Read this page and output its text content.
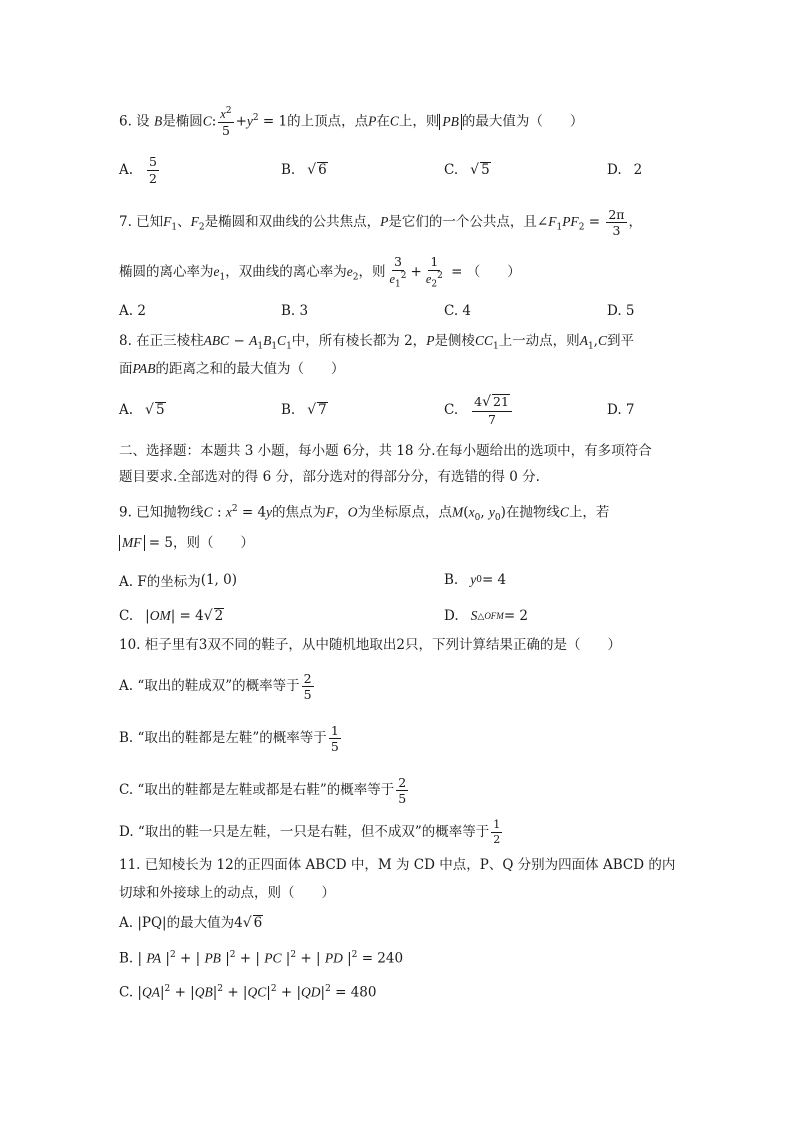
6. 设 B是椭圆C: $\frac{x^2}{5} +y^2 = 1$的上顶点，点P在C上，则 PB 的最大值为（　　）
A. $\frac{5}{2}$	B. √ 6	C. √ 5	D. 2
7. 已知$F_1$、$F_2$是椭圆和双曲线的公共焦点，P是它们的一个公共点，且$\angle F_1PF_2 = \frac{2\pi}{3}$ ，
椭圆的离心率为$e_1$，双曲线的离心率为$e_2$，则 $\frac{3}{e_1^2} + \frac{1}{e_2^2}$ = （　　）
A. 2	B. 3	C. 4	D. 5
8. 在正三棱柱ABC − $A_1B_1C_1$中，所有棱长都为 2，P是侧棱$CC_1$上一动点，则$A_1,C$到平
面PAB的距离之和的最大值为（　　）
A. √ 5	B. √ 7	C. $\frac{4√ 21}{7}$	D. 7
二、选择题：本题共 3 小题，每小题 6分，共 18 分.在每小题给出的选项中，有多项符合
题目要求.全部选对的得 6 分，部分选对的得部分分，有选错的得 0 分.
9. 已知抛物线C : $x^2 = 4y$的焦点为F，O为坐标原点，点$M(x_0$, $y_0$)在抛物线C上，若
MF = 5，则（　　）
A. F的坐标为 (1, 0)	B. y 0 = 4
C. | OM | = 4 √ 2	D. S △OFM = 2
10. 柜子里有3双不同的鞋子，从中随机地取出2只，下列计算结果正确的是（　　）
A. “取出的鞋成双”的概率等于 $\frac{2}{5}$
B. “取出的鞋都是左鞋”的概率等于 $\frac{1}{5}$
C. “取出的鞋都是左鞋或都是右鞋”的概率等于 $\frac{2}{5}$
D. “取出的鞋一只是左鞋，一只是右鞋，但不成双”的概率等于 $\frac{1}{2}$
11. 已知棱长为 12的正四面体 ABCD 中，M 为 CD 中点，P、Q 分别为四面体 ABCD 的内
切球和外接球上的动点，则（　　）
A. |PQ|的最大值为4√ 6
B. | PA $|^2$ + | PB $|^2$ + | PC $|^2$ + | PD $|^2 = 240$
C. $|QA|^2 + |QB|^2 + |QC|^2 + |QD|^2 = 480$
